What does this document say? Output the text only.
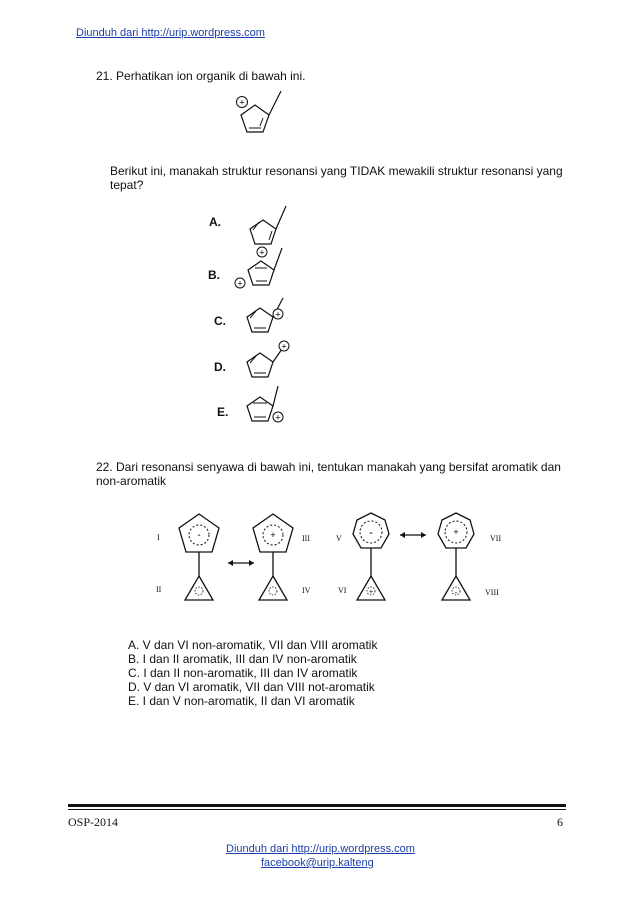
Diunduh dari http://urip.wordpress.com
21. Perhatikan ion organik di bawah ini.
+
Berikut ini, manakah struktur resonansi yang TIDAK mewakili struktur resonansi yang tepat?
A.
B.
C.
D.
E.
+
+
+
+
+
22. Dari resonansi senyawa di bawah ini, tentukan manakah yang bersifat aromatik dan non-aromatik
I
II
III
IV
V
VI
VII
VIII
-	+	-
+
+
-
A. V dan VI non-aromatik, VII dan VIII aromatik
B. I dan II aromatik, III dan IV non-aromatik
C. I dan II non-aromatik, III dan IV aromatik
D. V dan VI aromatik, VII dan VIII not-aromatik
E. I dan V non-aromatik, II dan VI aromatik
OSP-2014	6
Diunduh dari http://urip.wordpress.com
facebook@urip.kalteng
